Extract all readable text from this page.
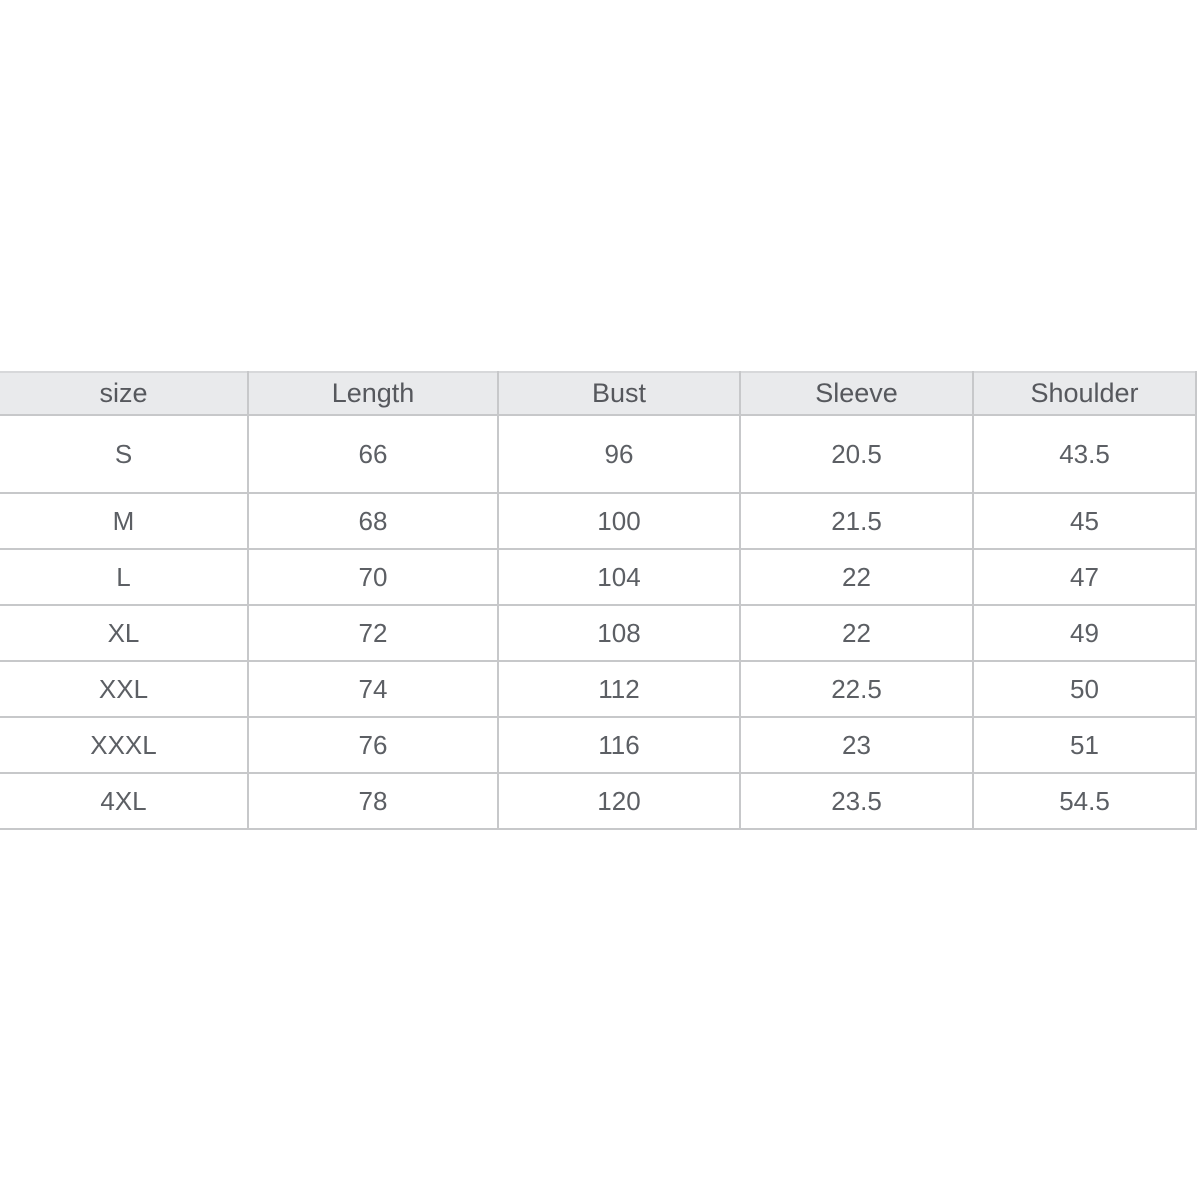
size	Length	Bust	Sleeve	Shoulder
S	66	96	20.5	43.5
M	68	100	21.5	45
L	70	104	22	47
XL	72	108	22	49
XXL	74	112	22.5	50
XXXL	76	116	23	51
4XL	78	120	23.5	54.5
